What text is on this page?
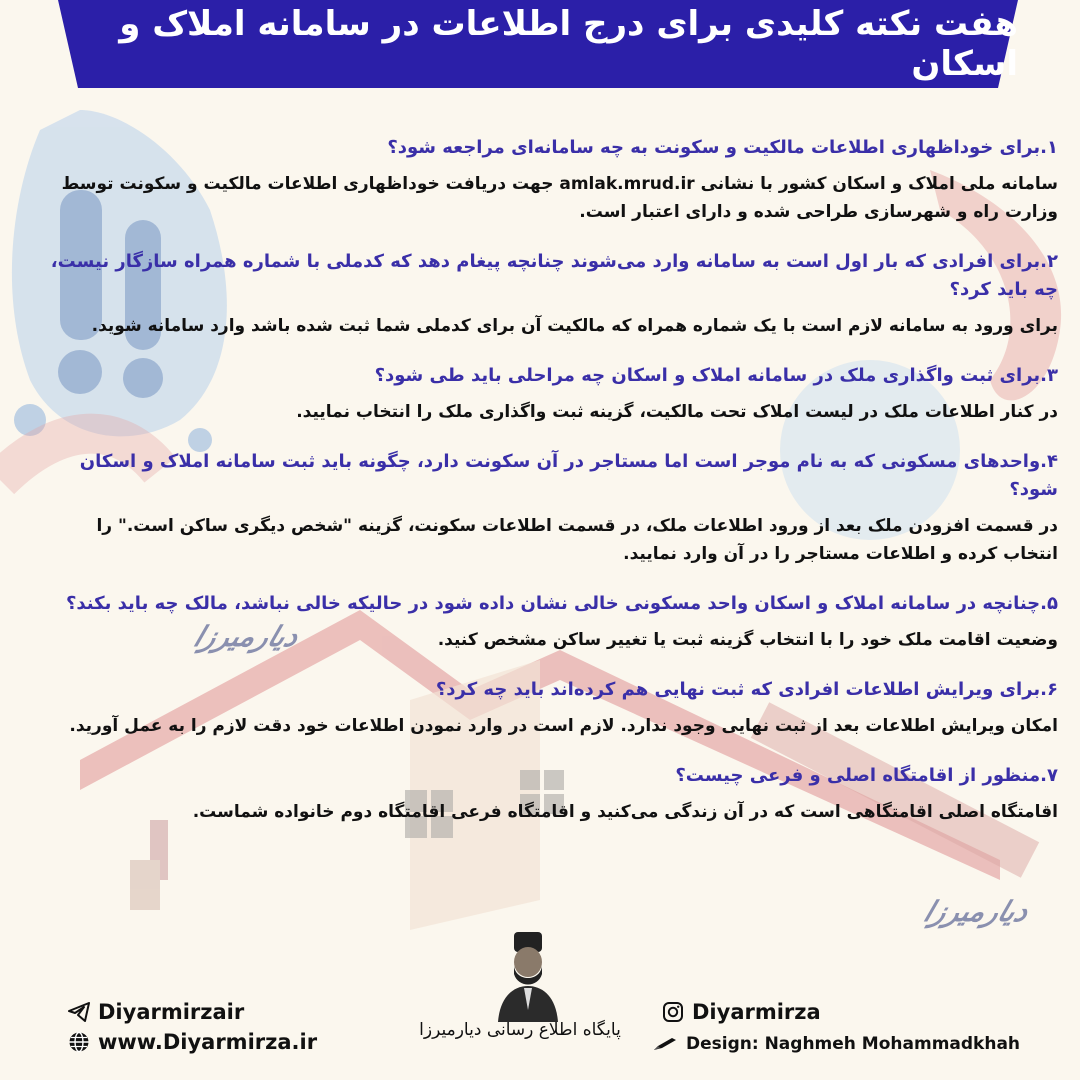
دیارمیرزا
دیارمیرزا
هفت نکته کلیدی برای درج اطلاعات در سامانه املاک و اسکان

۱.برای خوداظهاری اطلاعات مالکیت و سکونت به چه سامانه‌ای مراجعه شود؟

سامانه ملی املاک و اسکان کشور با نشانی amlak.mrud.ir جهت دریافت خوداظهاری اطلاعات مالکیت و سکونت توسط وزارت راه و شهرسازی طراحی شده و دارای اعتبار است.

۲.برای افرادی که بار اول است به سامانه وارد می‌شوند چنانچه پیغام دهد که کدملی با شماره همراه سازگار نیست، چه باید کرد؟

برای ورود به سامانه لازم است با یک شماره همراه که مالکیت آن برای کدملی شما ثبت شده باشد وارد سامانه شوید.

۳.برای ثبت واگذاری ملک در سامانه املاک و اسکان چه مراحلی باید طی شود؟

در کنار اطلاعات ملک در لیست املاک تحت مالکیت، گزینه ثبت واگذاری ملک را انتخاب نمایید.

۴.واحدهای مسکونی که به نام موجر است اما مستاجر در آن سکونت دارد، چگونه باید ثبت سامانه املاک و اسکان شود؟

در قسمت افزودن ملک بعد از ورود اطلاعات ملک، در قسمت اطلاعات سکونت، گزینه "شخص دیگری ساکن است." را انتخاب کرده و اطلاعات مستاجر را در آن وارد نمایید.

۵.چنانچه در سامانه املاک و اسکان واحد مسکونی خالی نشان داده شود در حالیکه خالی نباشد، مالک چه باید بکند؟

وضعیت اقامت ملک خود را با انتخاب گزینه ثبت یا تغییر ساکن مشخص کنید.

۶.برای ویرایش اطلاعات افرادی که ثبت نهایی هم کرده‌اند باید چه کرد؟

امکان ویرایش اطلاعات بعد از ثبت نهایی وجود ندارد. لازم است در وارد نمودن اطلاعات خود دقت لازم را به عمل آورید.

۷.منظور از اقامتگاه اصلی و فرعی چیست؟

اقامتگاه اصلی اقامتگاهی است که در آن زندگی می‌کنید و اقامتگاه فرعی اقامتگاه دوم خانواده شماست.

Diyarmirzair
www.Diyarmirza.ir	پایگاه اطلاع رسانی دیارمیرزا
Diyarmirza
Design: Naghmeh Mohammadkhah
